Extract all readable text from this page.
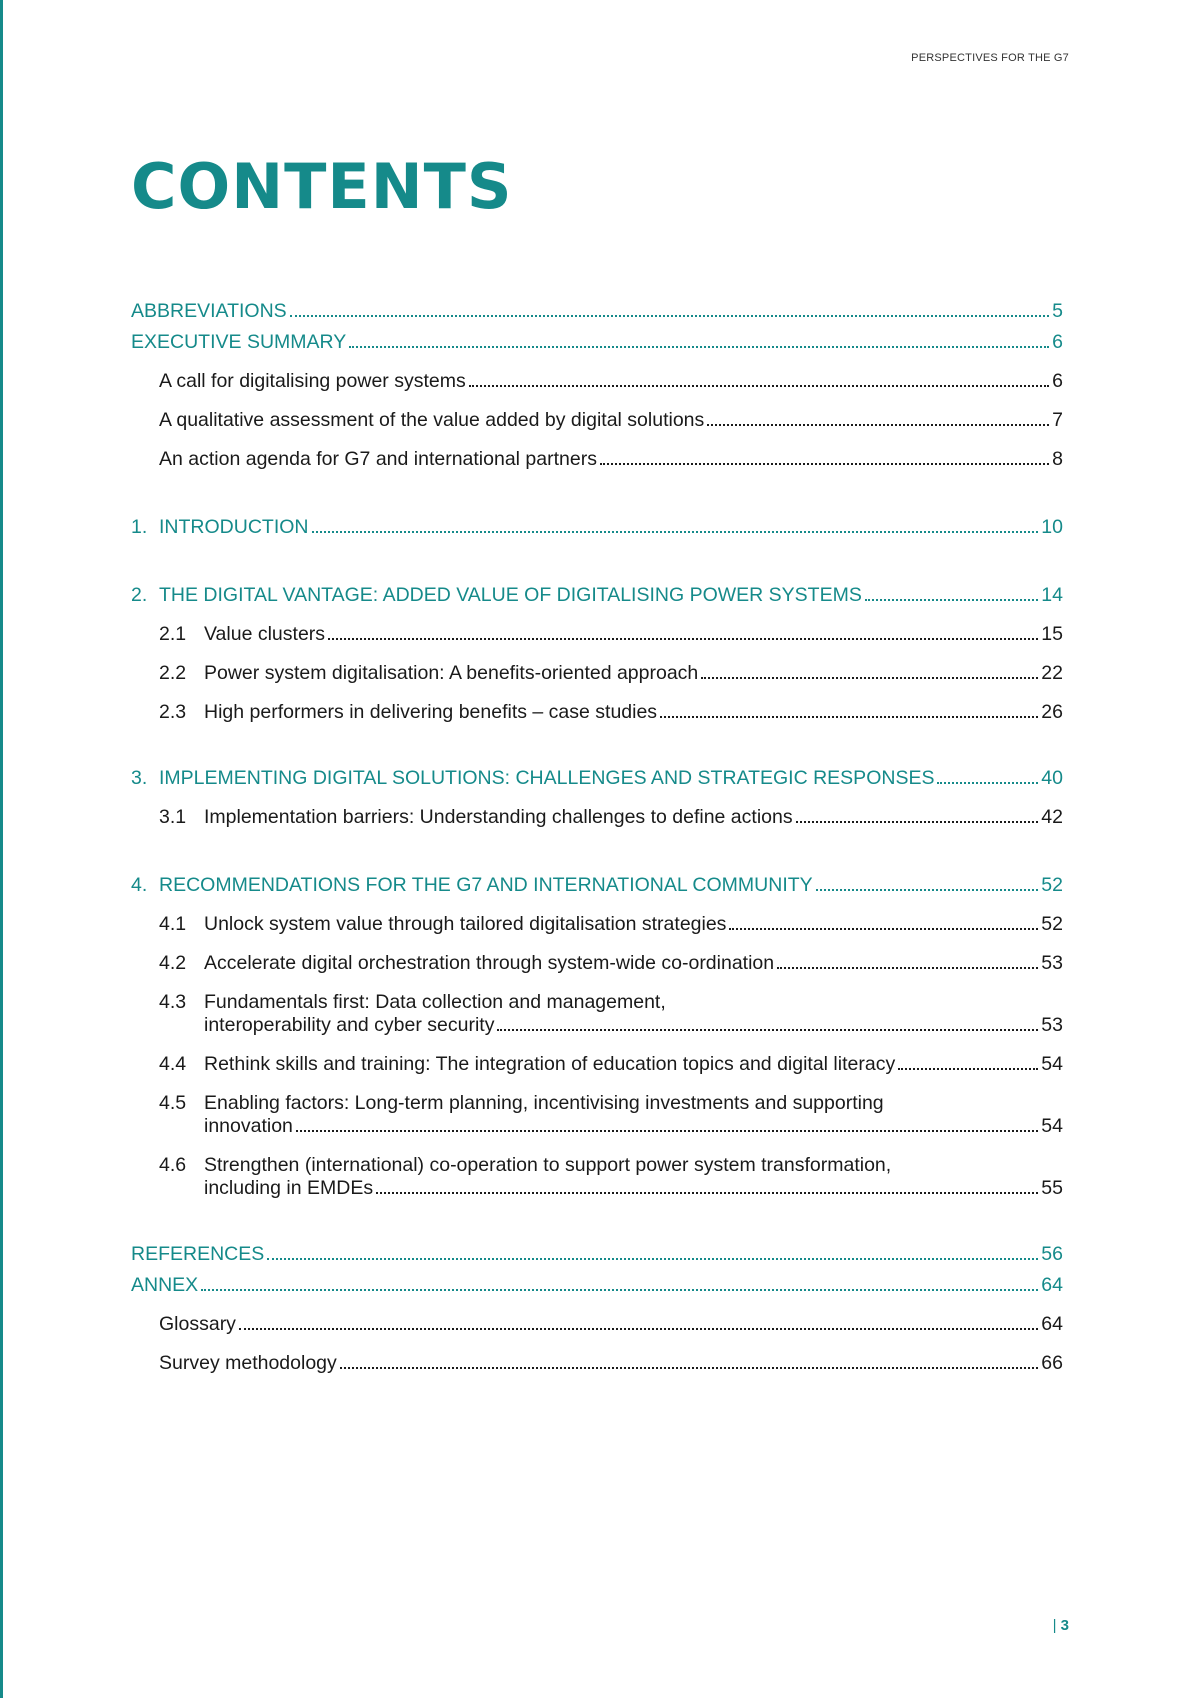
PERSPECTIVES FOR THE G7
CONTENTS
ABBREVIATIONS	5
EXECUTIVE SUMMARY	6
A call for digitalising power systems	6
A qualitative assessment of the value added by digital solutions	7
An action agenda for G7 and international partners	8
1. INTRODUCTION	10
2. THE DIGITAL VANTAGE: ADDED VALUE OF DIGITALISING POWER SYSTEMS	14
2.1 Value clusters	15
2.2 Power system digitalisation: A benefits-oriented approach	22
2.3 High performers in delivering benefits – case studies	26
3. IMPLEMENTING DIGITAL SOLUTIONS: CHALLENGES AND STRATEGIC RESPONSES	40
3.1 Implementation barriers: Understanding challenges to define actions	42
4. RECOMMENDATIONS FOR THE G7 AND INTERNATIONAL COMMUNITY	52
4.1 Unlock system value through tailored digitalisation strategies	52
4.2 Accelerate digital orchestration through system-wide co-ordination	53
4.3 Fundamentals first: Data collection and management,
interoperability and cyber security	53
4.4 Rethink skills and training: The integration of education topics and digital literacy	54
4.5 Enabling factors: Long-term planning, incentivising investments and supporting
innovation	54
4.6 Strengthen (international) co-operation to support power system transformation,
including in EMDEs	55
REFERENCES	56
ANNEX	64
Glossary	64
Survey methodology	66
| 3
